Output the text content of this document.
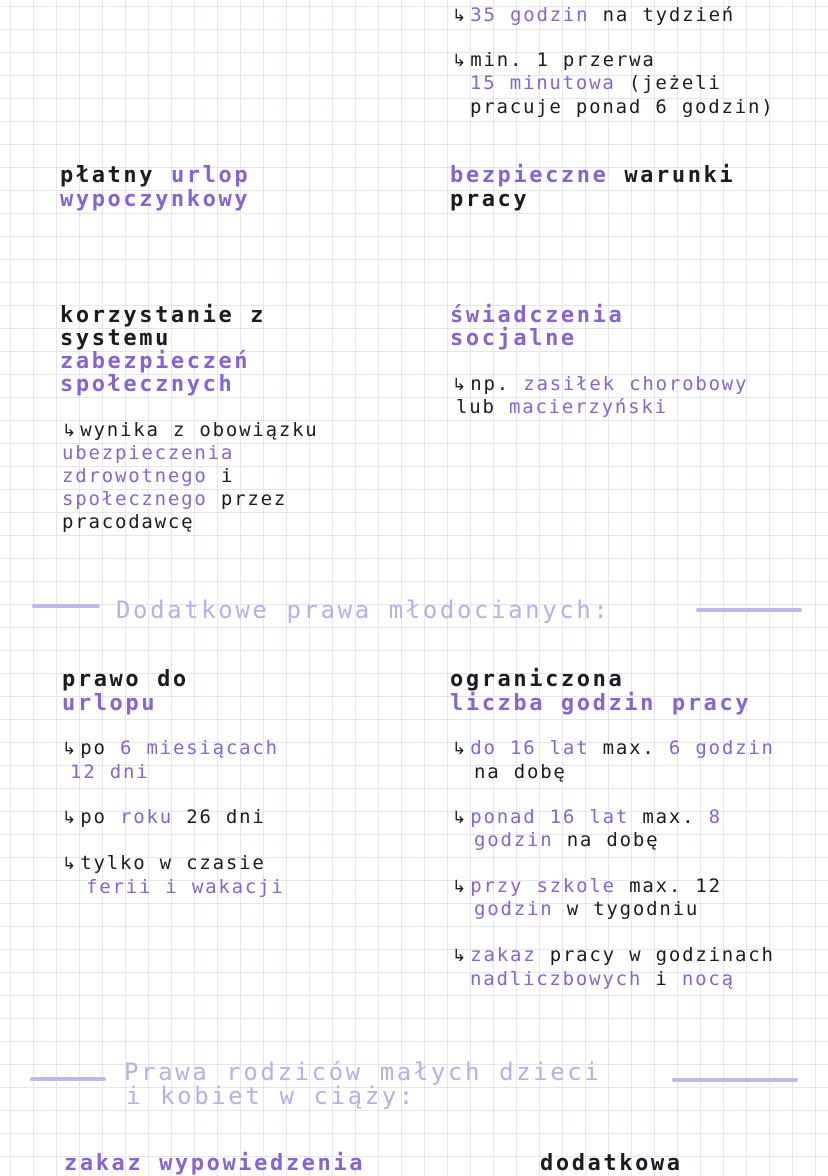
↳ 35 godzin na tydzień
↳ min. 1 przerwa
15 minutowa (jeżeli
pracuje ponad 6 godzin)
płatny urlop
wypoczynkowy
bezpieczne warunki
pracy
korzystanie z
systemu
zabezpieczeń
społecznych
↳ wynika z obowiązku
ubezpieczenia
zdrowotnego i
społecznego przez
pracodawcę
świadczenia
socjalne
↳ np. zasiłek chorobowy
lub macierzyński
Dodatkowe prawa młodocianych:
prawo do
urlopu
↳ po 6 miesiącach
12 dni
↳ po roku 26 dni
↳ tylko w czasie
ferii i wakacji
ograniczona
liczba godzin pracy
↳ do 16 lat max. 6 godzin
na dobę
↳ ponad 16 lat max. 8
godzin na dobę
↳ przy szkole max. 12
godzin w tygodniu
↳ zakaz pracy w godzinach
nadliczbowych i nocą
Prawa rodziców małych dzieci
i kobiet w ciąży:
zakaz wypowiedzenia	dodatkowa
